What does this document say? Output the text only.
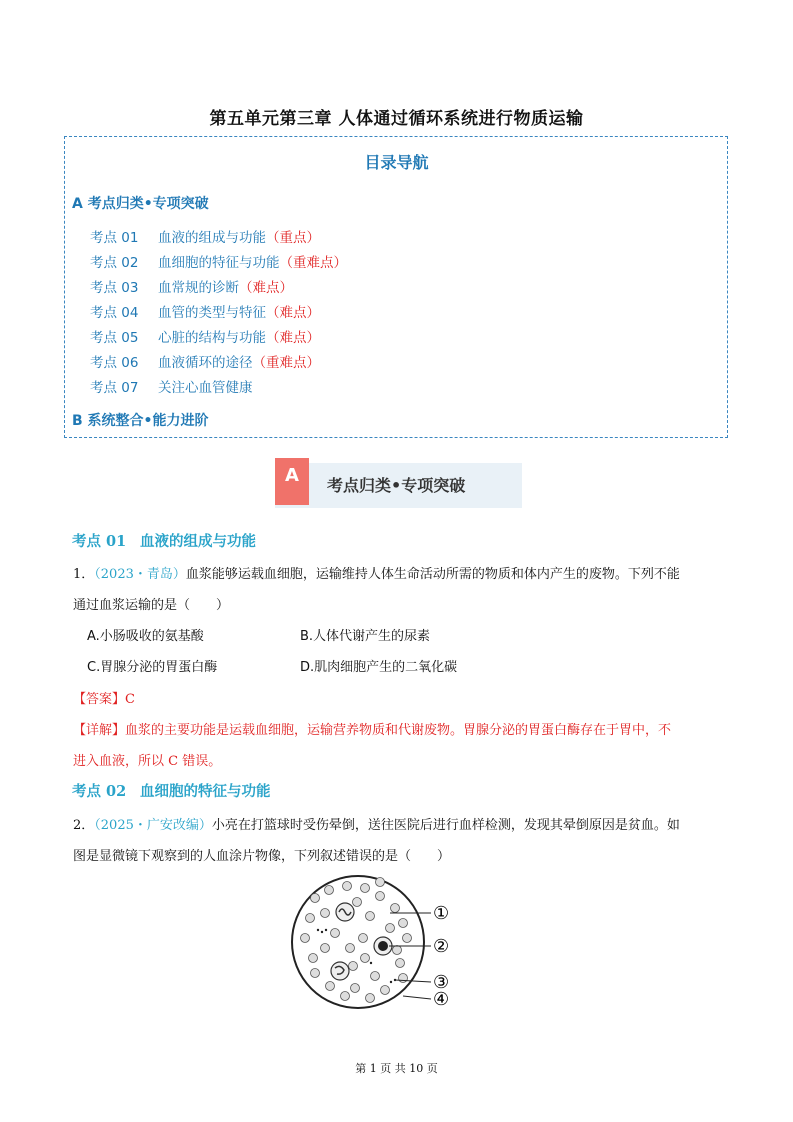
第五单元第三章 人体通过循环系统进行物质运输
目录导航
A 考点归类•专项突破
考点 01 血液的组成与功能（重点）
考点 02 血细胞的特征与功能（重难点）
考点 03 血常规的诊断（难点）
考点 04 血管的类型与特征（难点）
考点 05 心脏的结构与功能（难点）
考点 06 血液循环的途径（重难点）
考点 07 关注心血管健康
B 系统整合•能力进阶
A	考点归类•专项突破
考点 01 血液的组成与功能
1．（2023・青岛）血浆能够运载血细胞，运输维持人体生命活动所需的物质和体内产生的废物。下列不能
通过血浆运输的是（　　）
A.小肠吸收的氨基酸	B.人体代谢产生的尿素
C.胃腺分泌的胃蛋白酶	D.肌肉细胞产生的二氧化碳
【答案】C
【详解】血浆的主要功能是运载血细胞，运输营养物质和代谢废物。胃腺分泌的胃蛋白酶存在于胃中，不
进入血液，所以 C 错误。
考点 02 血细胞的特征与功能
2．（2025・广安改编）小亮在打篮球时受伤晕倒，送往医院后进行血样检测，发现其晕倒原因是贫血。如
图是显微镜下观察到的人血涂片物像，下列叙述错误的是（　　）
①
②
③
④
第 1 页 共 10 页
